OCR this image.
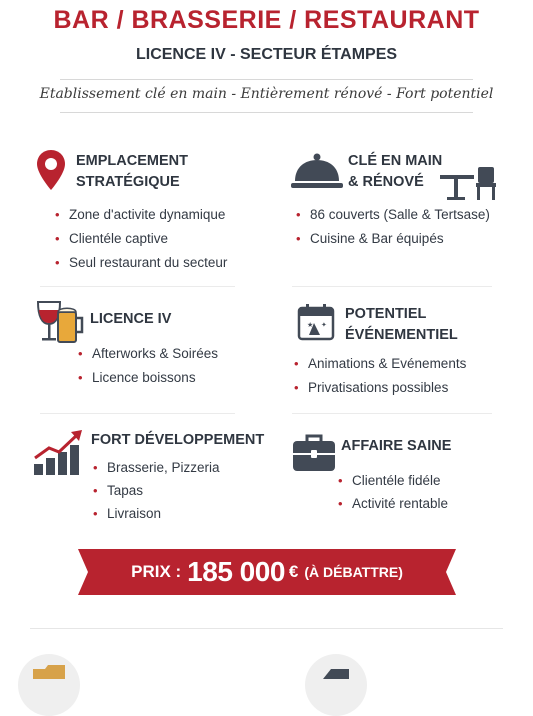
BAR / BRASSERIE / RESTAURANT
LICENCE IV - SECTEUR ÉTAMPES
Etablissement clé en main - Entièrement rénové - Fort potentiel
EMPLACEMENT
STRATÉGIQUE
• Zone d'activite dynamique
• Clientéle captive
• Seul restaurant du secteur
CLÉ EN MAIN
& RÉNOVÉ
• 86 couverts (Salle & Tertsase)
• Cuisine & Bar équipés
LICENCE IV
• Afterworks & Soirées
• Licence boissons
★ ✦
POTENTIEL
ÉVÉNEMENTIEL
• Animations & Evénements
• Privatisations possibles
FORT DÉVELOPPEMENT
• Brasserie, Pizzeria
• Tapas
• Livraison
AFFAIRE SAINE
• Clientéle fidéle
• Activité rentable
PRIX : 185 000 € (À DÉBATTRE)
